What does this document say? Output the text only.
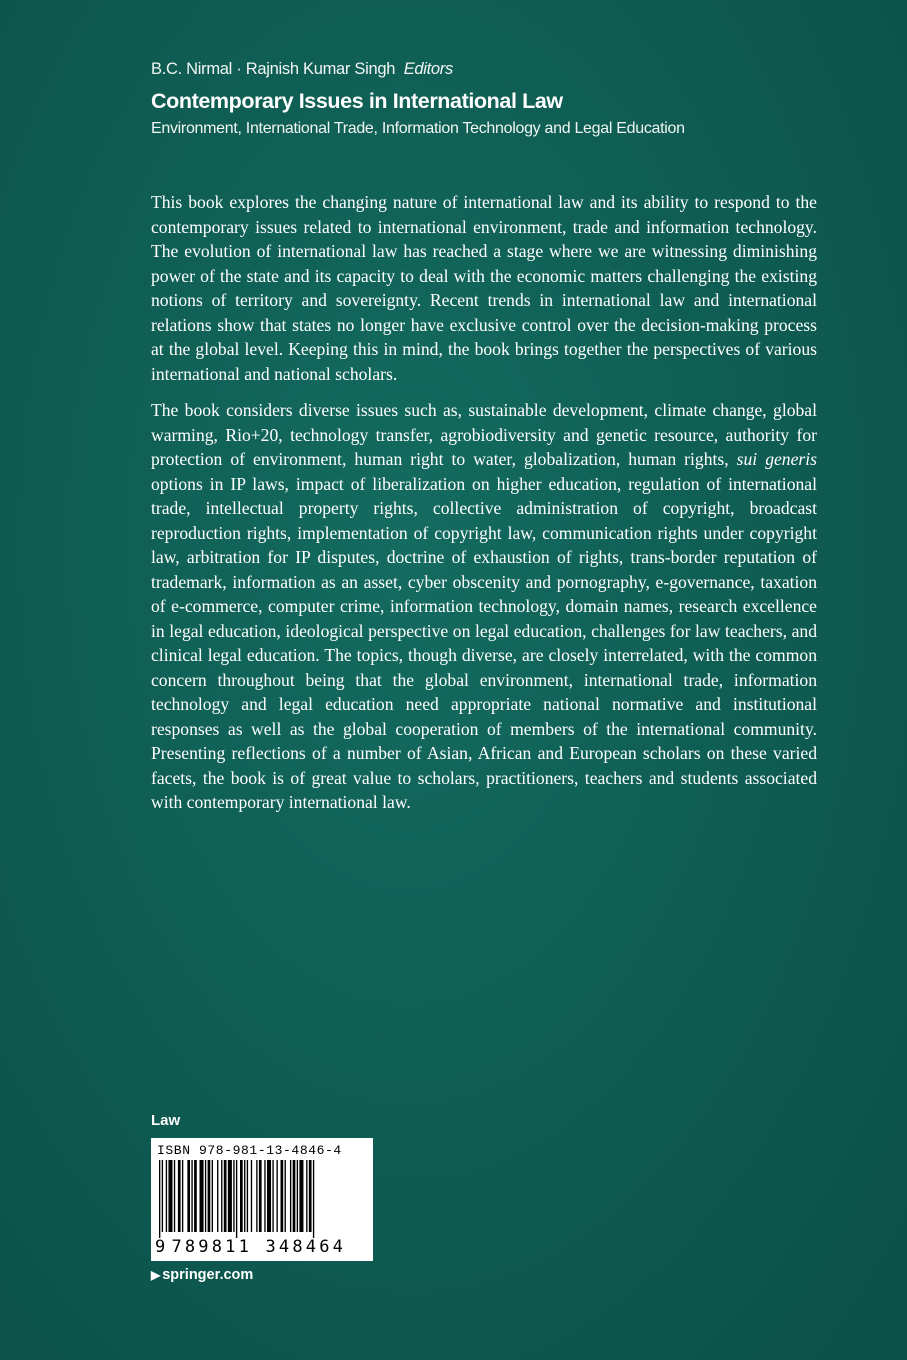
B.C. Nirmal · Rajnish Kumar Singh Editors
Contemporary Issues in International Law
Environment, International Trade, Information Technology and Legal Education

This book explores the changing nature of international law and its ability to respond to the contemporary issues related to international environment, trade and information technology. The evolution of international law has reached a stage where we are witnessing diminishing power of the state and its capacity to deal with the economic matters challenging the existing notions of territory and sovereignty. Recent trends in international law and international relations show that states no longer have exclusive control over the decision-making process at the global level. Keeping this in mind, the book brings together the perspectives of various international and national scholars.

The book considers diverse issues such as, sustainable development, climate change, global warming, Rio+20, technology transfer, agrobiodiversity and genetic resource, authority for protection of environment, human right to water, globalization, human rights, sui generis options in IP laws, impact of liberalization on higher education, regulation of international trade, intellectual property rights, collective administration of copyright, broadcast reproduction rights, implementation of copyright law, communication rights under copyright law, arbitration for IP disputes, doctrine of exhaustion of rights, trans-border reputation of trademark, information as an asset, cyber obscenity and pornography, e-governance, taxation of e-commerce, computer crime, information technology, domain names, research excellence in legal education, ideological perspective on legal education, challenges for law teachers, and clinical legal education. The topics, though diverse, are closely interrelated, with the common concern throughout being that the global environment, international trade, information technology and legal education need appropriate national normative and institutional responses as well as the global cooperation of members of the international community. Presenting reflections of a number of Asian, African and European scholars on these varied facets, the book is of great value to scholars, practitioners, teachers and students associated with contemporary international law.

Law
ISBN 978-981-13-4846-4
9 789811 348464
▶ springer.com
